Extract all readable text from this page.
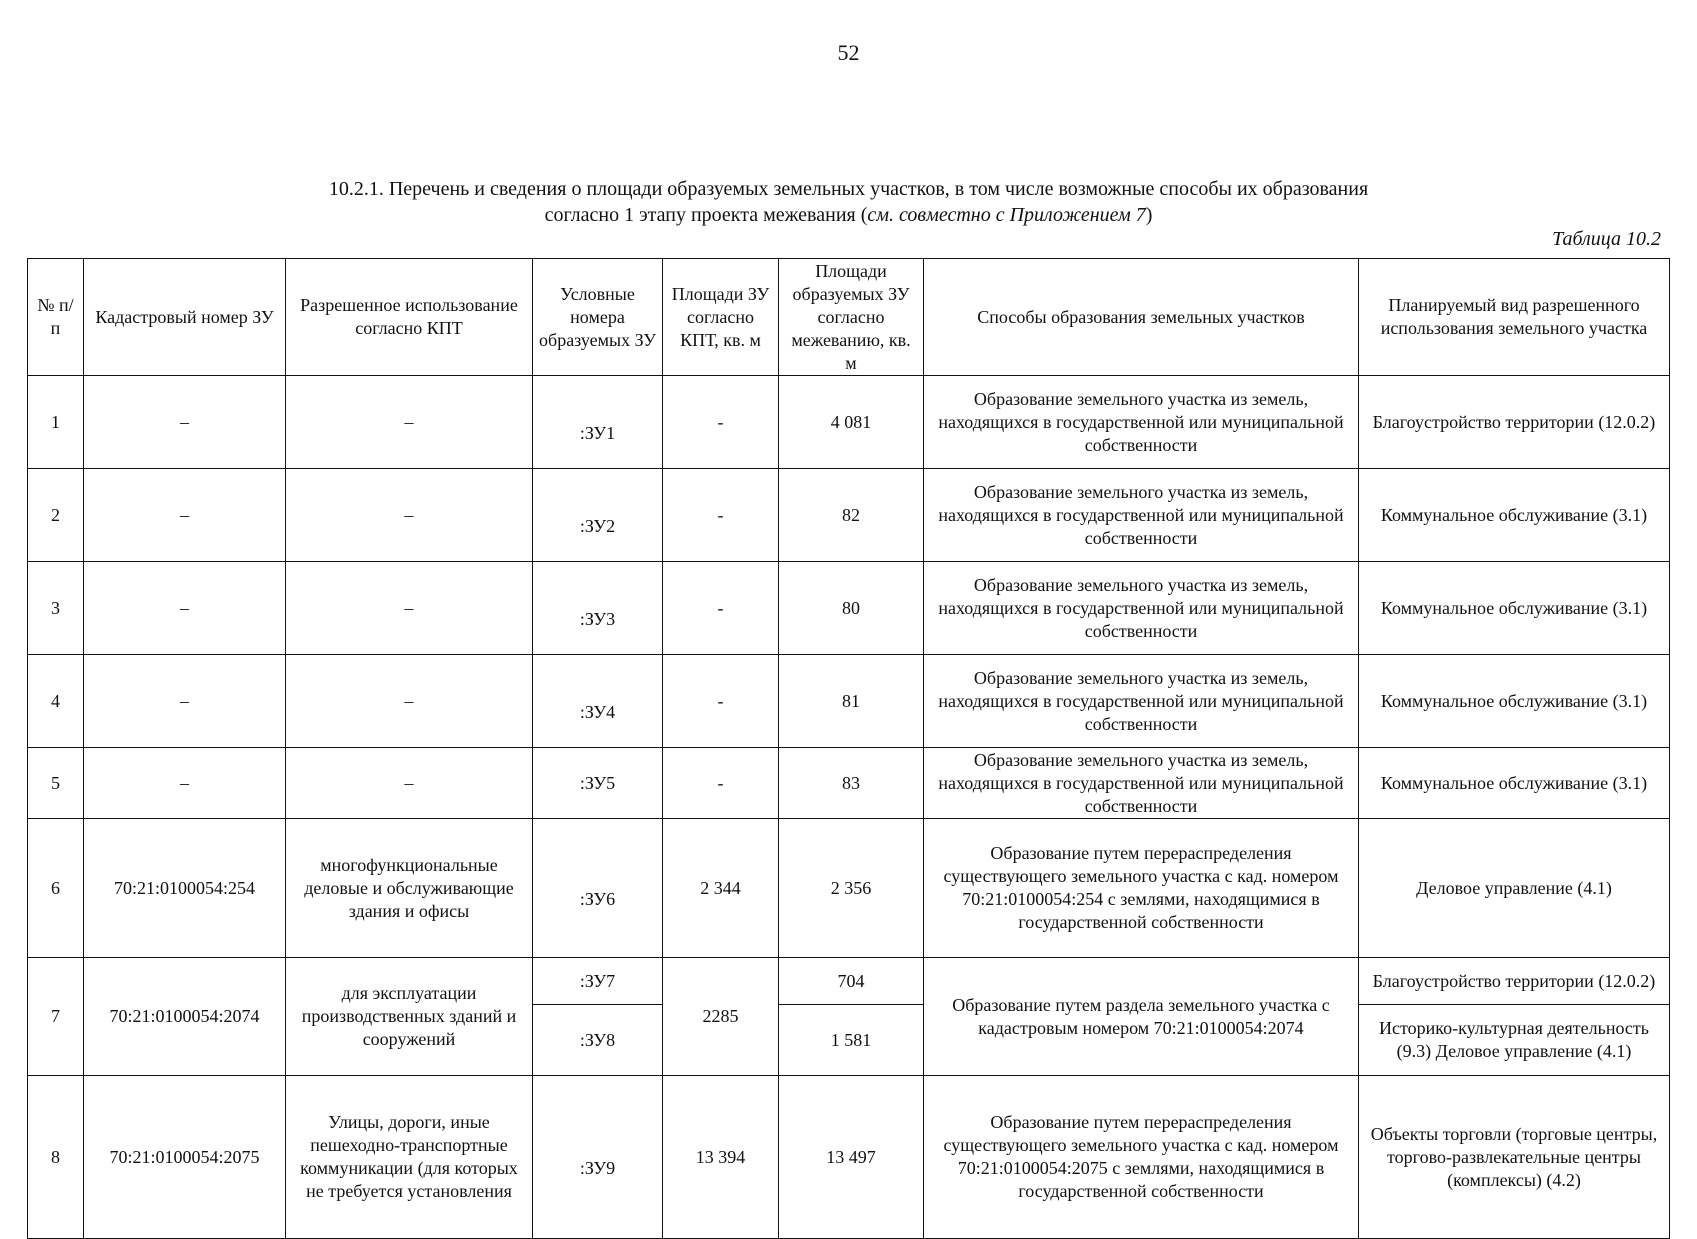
52
10.2.1. Перечень и сведения о площади образуемых земельных участков, в том числе возможные способы их образования
согласно 1 этапу проекта межевания (см. совместно с Приложением 7)
Таблица 10.2
№ п/п	Кадастровый номер ЗУ	Разрешенное использование согласно КПТ	Условные номера образуемых ЗУ	Площади ЗУ согласно КПТ, кв. м	Площади образуемых ЗУ согласно межеванию, кв. м	Способы образования земельных участков	Планируемый вид разрешенного использования земельного участка
1	–	–	:ЗУ1	-	4 081	Образование земельного участка из земель, находящихся в государственной или муниципальной собственности	Благоустройство территории (12.0.2)
2	–	–	:ЗУ2	-	82	Образование земельного участка из земель, находящихся в государственной или муниципальной собственности	Коммунальное обслуживание (3.1)
3	–	–	:ЗУ3	-	80	Образование земельного участка из земель, находящихся в государственной или муниципальной собственности	Коммунальное обслуживание (3.1)
4	–	–	:ЗУ4	-	81	Образование земельного участка из земель, находящихся в государственной или муниципальной собственности	Коммунальное обслуживание (3.1)
5	–	–	:ЗУ5	-	83	Образование земельного участка из земель, находящихся в государственной или муниципальной собственности	Коммунальное обслуживание (3.1)
6	70:21:0100054:254	многофункциональные деловые и обслуживающие здания и офисы	:ЗУ6	2 344	2 356	Образование путем перераспределения существующего земельного участка с кад. номером 70:21:0100054:254 с землями, находящимися в государственной собственности	Деловое управление (4.1)
7	70:21:0100054:2074	для эксплуатации производственных зданий и сооружений	:ЗУ7	2285	704	Образование путем раздела земельного участка с кадастровым номером 70:21:0100054:2074	Благоустройство территории (12.0.2)
			:ЗУ8		1 581		Историко-культурная деятельность (9.3) Деловое управление (4.1)
8	70:21:0100054:2075	Улицы, дороги, иные пешеходно-транспортные коммуникации (для которых не требуется установления	:ЗУ9	13 394	13 497	Образование путем перераспределения существующего земельного участка с кад. номером 70:21:0100054:2075 с землями, находящимися в государственной собственности	Объекты торговли (торговые центры, торгово-развлекательные центры (комплексы) (4.2)
